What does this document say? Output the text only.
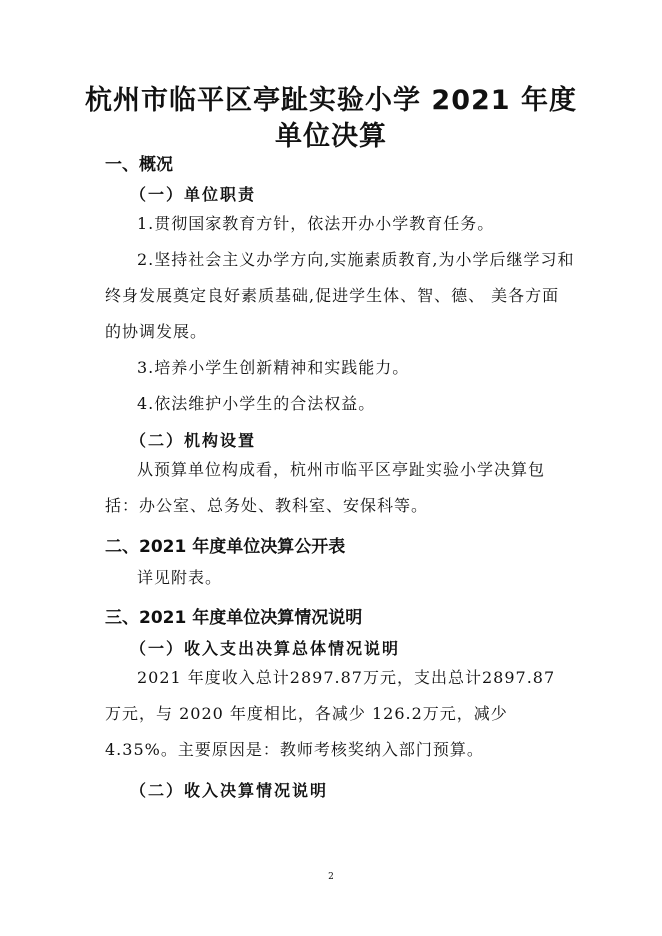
杭州市临平区亭趾实验小学 2021 年度
单位决算
一、概况
（一）单位职责
1.贯彻国家教育方针，依法开办小学教育任务。
2.坚持社会主义办学方向,实施素质教育,为小学后继学习和终身发展奠定良好素质基础,促进学生体、智、德、 美各方面的协调发展。
3.培养小学生创新精神和实践能力。
4.依法维护小学生的合法权益。
（二）机构设置
从预算单位构成看，杭州市临平区亭趾实验小学决算包括：办公室、总务处、教科室、安保科等。
二、2021 年度单位决算公开表
详见附表。
三、2021 年度单位决算情况说明
（一）收入支出决算总体情况说明
2021 年度收入总计2897.87万元，支出总计2897.87 万元，与 2020 年度相比，各减少 126.2万元，减少4.35%。主要原因是：教师考核奖纳入部门预算。
（二）收入决算情况说明
2
